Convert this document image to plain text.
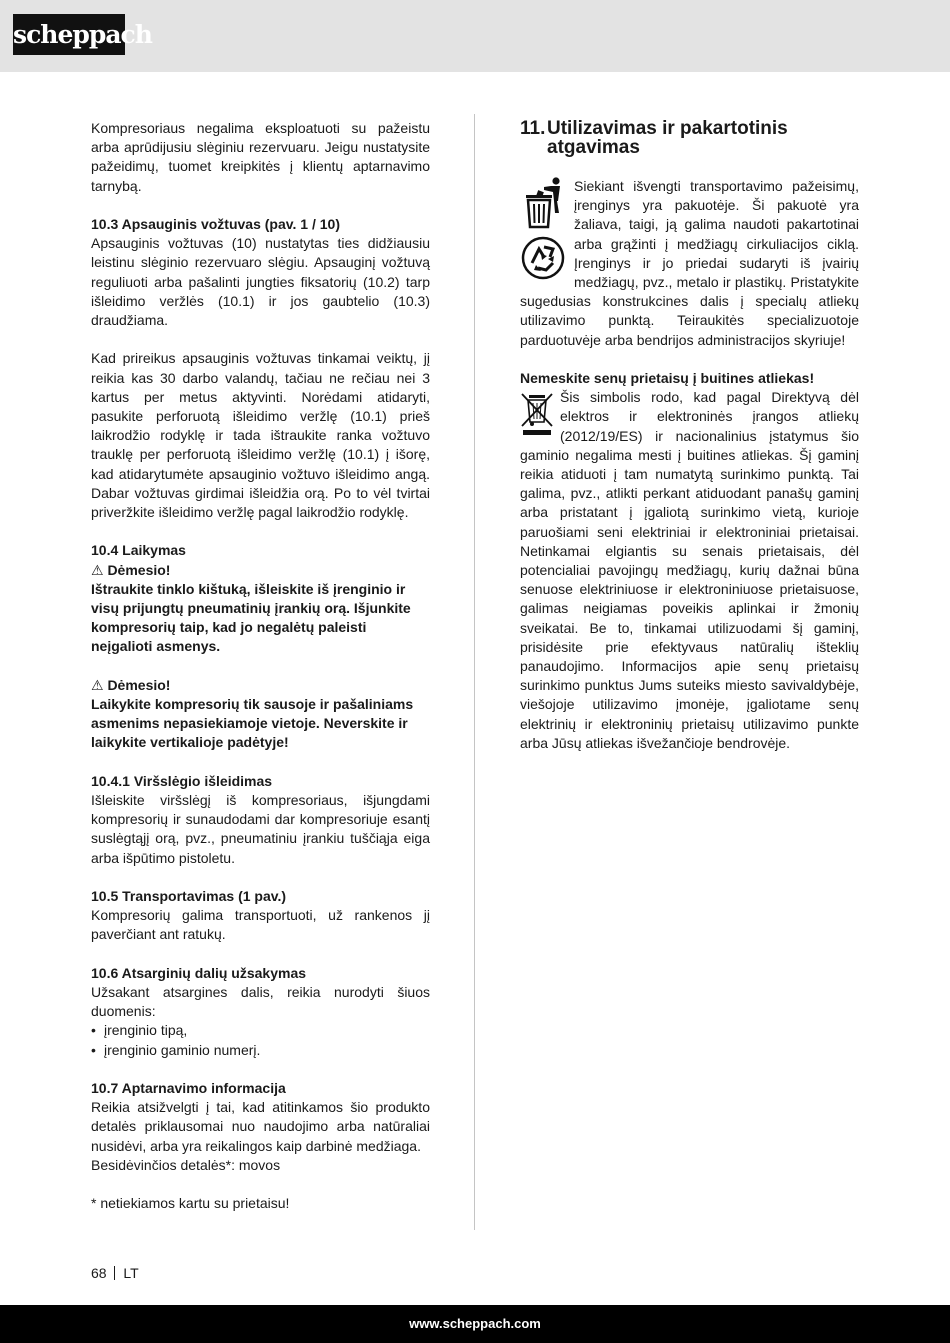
scheppach

Kompresoriaus negalima eksploatuoti su pažeistu arba aprūdijusiu slėginiu rezervuaru. Jeigu nustatysite pažeidimų, tuomet kreipkitės į klientų aptarnavimo tarnybą.

10.3 Apsauginis vožtuvas (pav. 1 / 10)

Apsauginis vožtuvas (10) nustatytas ties didžiausiu leistinu slėginio rezervuaro slėgiu. Apsauginį vožtuvą reguliuoti arba pašalinti jungties fiksatorių (10.2) tarp išleidimo veržlės (10.1) ir jos gaubtelio (10.3) draudžiama.

Kad prireikus apsauginis vožtuvas tinkamai veiktų, jį reikia kas 30 darbo valandų, tačiau ne rečiau nei 3 kartus per metus aktyvinti. Norėdami atidaryti, pasukite perforuotą išleidimo veržlę (10.1) prieš laikrodžio rodyklę ir tada ištraukite ranka vožtuvo trauklę per perforuotą išleidimo veržlę (10.1) į išorę, kad atidarytumėte apsauginio vožtuvo išleidimo angą. Dabar vožtuvas girdimai išleidžia orą. Po to vėl tvirtai priveržkite išleidimo veržlę pagal laikrodžio rodyklę.

10.4 Laikymas

⚠ Dėmesio!

Ištraukite tinklo kištuką, išleiskite iš įrenginio ir visų prijungtų pneumatinių įrankių orą. Išjunkite kompresorių taip, kad jo negalėtų paleisti neįgalioti asmenys.

⚠ Dėmesio!

Laikykite kompresorių tik sausoje ir pašaliniams asmenims nepasiekiamoje vietoje. Neverskite ir laikykite vertikalioje padėtyje!

10.4.1 Viršslėgio išleidimas

Išleiskite viršslėgį iš kompresoriaus, išjungdami kompresorių ir sunaudodami dar kompresoriuje esantį suslėgtąjį orą, pvz., pneumatiniu įrankiu tuščiąja eiga arba išpūtimo pistoletu.

10.5 Transportavimas (1 pav.)

Kompresorių galima transportuoti, už rankenos jį paverčiant ant ratukų.

10.6 Atsarginių dalių užsakymas

Užsakant atsargines dalis, reikia nurodyti šiuos duomenis:

• įrenginio tipą,
• įrenginio gaminio numerį.

10.7 Aptarnavimo informacija

Reikia atsižvelgti į tai, kad atitinkamos šio produkto detalės priklausomai nuo naudojimo arba natūraliai nusidėvi, arba yra reikalingos kaip darbinė medžiaga.

Besidėvinčios detalės*: movos

* netiekiamos kartu su prietaisu!

11. Utilizavimas ir pakartotinis atgavimas

Siekiant išvengti transportavimo pažeisimų, įrenginys yra pakuotėje. Ši pakuotė yra žaliava, taigi, ją galima naudoti pakartotinai arba grąžinti į medžiagų cirkuliacijos ciklą. Įrenginys ir jo priedai sudaryti iš įvairių medžiagų, pvz., metalo ir plastikų. Pristatykite sugedusias konstrukcines dalis į specialų atliekų utilizavimo punktą. Teiraukitės specializuotoje parduotuvėje arba bendrijos administracijos skyriuje!

Nemeskite senų prietaisų į buitines atliekas!

Šis simbolis rodo, kad pagal Direktyvą dėl elektros ir elektroninės įrangos atliekų (2012/19/ES) ir nacionalinius įstatymus šio gaminio negalima mesti į buitines atliekas. Šį gaminį reikia atiduoti į tam numatytą surinkimo punktą. Tai galima, pvz., atlikti perkant atiduodant panašų gaminį arba pristatant į įgaliotą surinkimo vietą, kurioje paruošiami seni elektriniai ir elektroniniai prietaisai. Netinkamai elgiantis su senais prietaisais, dėl potencialiai pavojingų medžiagų, kurių dažnai būna senuose elektriniuose ir elektroniniuose prietaisuose, galimas neigiamas poveikis aplinkai ir žmonių sveikatai. Be to, tinkamai utilizuodami šį gaminį, prisidėsite prie efektyvaus natūralių išteklių panaudojimo. Informacijos apie senų prietaisų surinkimo punktus Jums suteiks miesto savivaldybėje, viešojoje utilizavimo įmonėje, įgaliotame senų elektrinių ir elektroninių prietaisų utilizavimo punkte arba Jūsų atliekas išvežančioje bendrovėje.

68 LT
www.scheppach.com
